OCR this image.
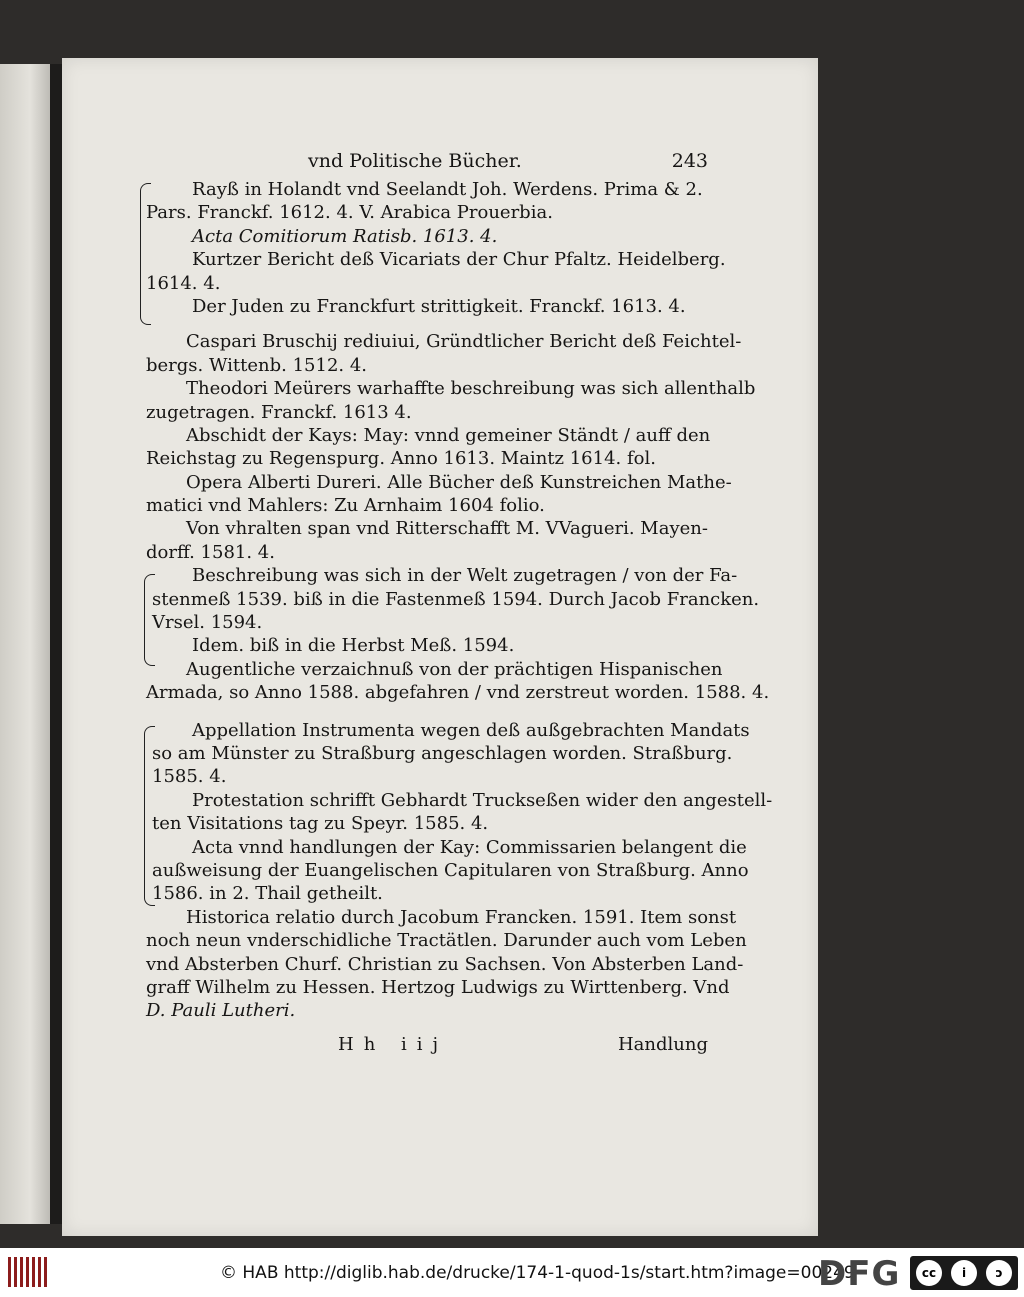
vnd Politische Bücher.	243
Rayß in Holandt vnd Seelandt Joh. Werdens. Prima & 2.
Pars. Franckf. 1612. 4. V. Arabica Prouerbia.
Acta Comitiorum Ratisb. 1613. 4.
Kurtzer Bericht deß Vicariats der Chur Pfaltz. Heidelberg.
1614. 4.
Der Juden zu Franckfurt strittigkeit. Franckf. 1613. 4.
Caspari Bruschij rediuiui, Gründtlicher Bericht deß Feichtel-
bergs. Wittenb. 1512. 4.
Theodori Meürers warhaffte beschreibung was sich allenthalb
zugetragen. Franckf. 1613 4.
Abschidt der Kays: May: vnnd gemeiner Ständt / auff den
Reichstag zu Regenspurg. Anno 1613. Maintz 1614. fol.
Opera Alberti Dureri. Alle Bücher deß Kunstreichen Mathe-
matici vnd Mahlers: Zu Arnhaim 1604 folio.
Von vhralten span vnd Ritterschafft M. VVagueri. Mayen-
dorff. 1581. 4.
Beschreibung was sich in der Welt zugetragen / von der Fa-
stenmeß 1539. biß in die Fastenmeß 1594. Durch Jacob Francken.
Vrsel. 1594.
Idem. biß in die Herbst Meß. 1594.
Augentliche verzaichnuß von der prächtigen Hispanischen
Armada, so Anno 1588. abgefahren / vnd zerstreut worden. 1588. 4.
Appellation Instrumenta wegen deß außgebrachten Mandats
so am Münster zu Straßburg angeschlagen worden. Straßburg.
1585. 4.
Protestation schrifft Gebhardt Truckseßen wider den angestell-
ten Visitations tag zu Speyr. 1585. 4.
Acta vnnd handlungen der Kay: Commissarien belangent die
außweisung der Euangelischen Capitularen von Straßburg. Anno
1586. in 2. Thail getheilt.
Historica relatio durch Jacobum Francken. 1591. Item sonst
noch neun vnderschidliche Tractätlen. Darunder auch vom Leben
vnd Absterben Churf. Christian zu Sachsen. Von Absterben Land-
graff Wilhelm zu Hessen. Hertzog Ludwigs zu Wirttenberg. Vnd
D. Pauli Lutheri.
Hh iij	Handlung
© HAB http://diglib.hab.de/drucke/174-1-quod-1s/start.htm?image=00249
DFG	cc	i	ɔ
